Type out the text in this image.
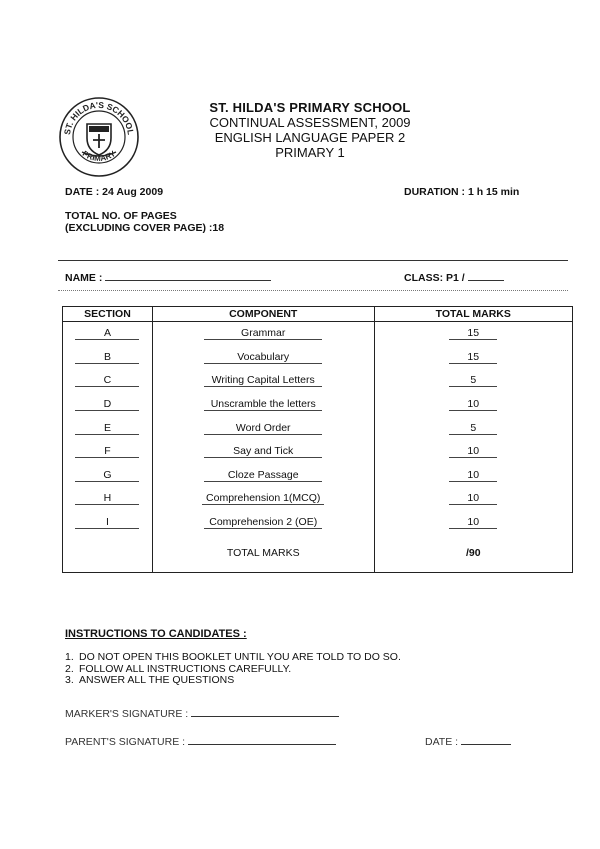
ST. HILDA'S SCHOOL
PRIMARY
ST. HILDA'S PRIMARY SCHOOL
CONTINUAL ASSESSMENT, 2009
ENGLISH LANGUAGE PAPER 2
PRIMARY 1
DATE : 24 Aug 2009	DURATION : 1 h 15 min
TOTAL NO. OF PAGES
(EXCLUDING COVER PAGE) :18
NAME :	CLASS: P1 /
SECTION	COMPONENT	TOTAL MARKS
A	Grammar	15
B	Vocabulary	15
C	Writing Capital Letters	5
D	Unscramble the letters	10
E	Word Order	5
F	Say and Tick	10
G	Cloze Passage	10
H	Comprehension 1(MCQ)	10
I	Comprehension 2 (OE)	10
	TOTAL MARKS	/90
INSTRUCTIONS TO CANDIDATES :
1. DO NOT OPEN THIS BOOKLET UNTIL YOU ARE TOLD TO DO SO.
2. FOLLOW ALL INSTRUCTIONS CAREFULLY.
3. ANSWER ALL THE QUESTIONS
MARKER'S SIGNATURE :
PARENT'S SIGNATURE :	DATE :
